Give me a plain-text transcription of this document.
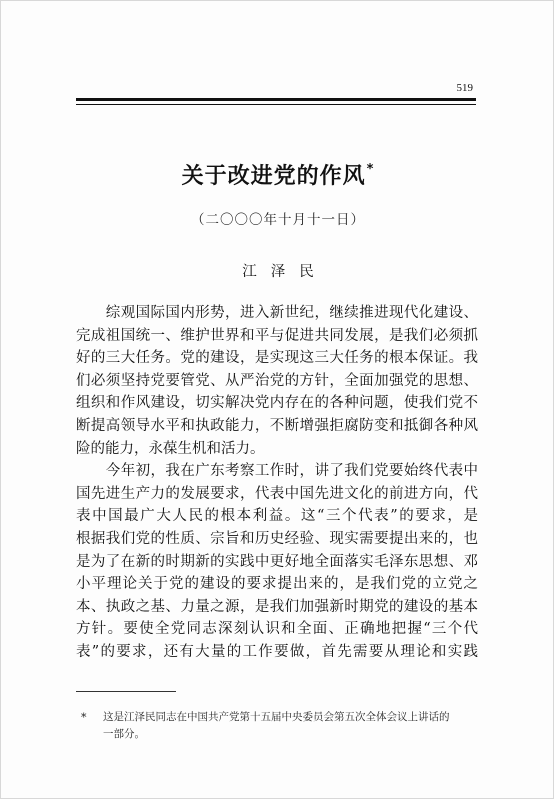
519
关于改进党的作风*
（二〇〇〇年十月十一日）
江泽民
　　综观国际国内形势，进入新世纪，继续推进现代化建设、
完成祖国统一、维护世界和平与促进共同发展，是我们必须抓
好的三大任务。党的建设，是实现这三大任务的根本保证。我
们必须坚持党要管党、从严治党的方针，全面加强党的思想、
组织和作风建设，切实解决党内存在的各种问题，使我们党不
断提高领导水平和执政能力，不断增强拒腐防变和抵御各种风
险的能力，永葆生机和活力。
　　今年初，我在广东考察工作时，讲了我们党要始终代表中
国先进生产力的发展要求，代表中国先进文化的前进方向，代
表中国最广大人民的根本利益。这“三个代表”的要求，是
根据我们党的性质、宗旨和历史经验、现实需要提出来的，也
是为了在新的时期新的实践中更好地全面落实毛泽东思想、邓
小平理论关于党的建设的要求提出来的，是我们党的立党之
本、执政之基、力量之源，是我们加强新时期党的建设的基本
方针。要使全党同志深刻认识和全面、正确地把握“三个代
表”的要求，还有大量的工作要做，首先需要从理论和实践
* 这是江泽民同志在中国共产党第十五届中央委员会第五次全体会议上讲话的
一部分。
